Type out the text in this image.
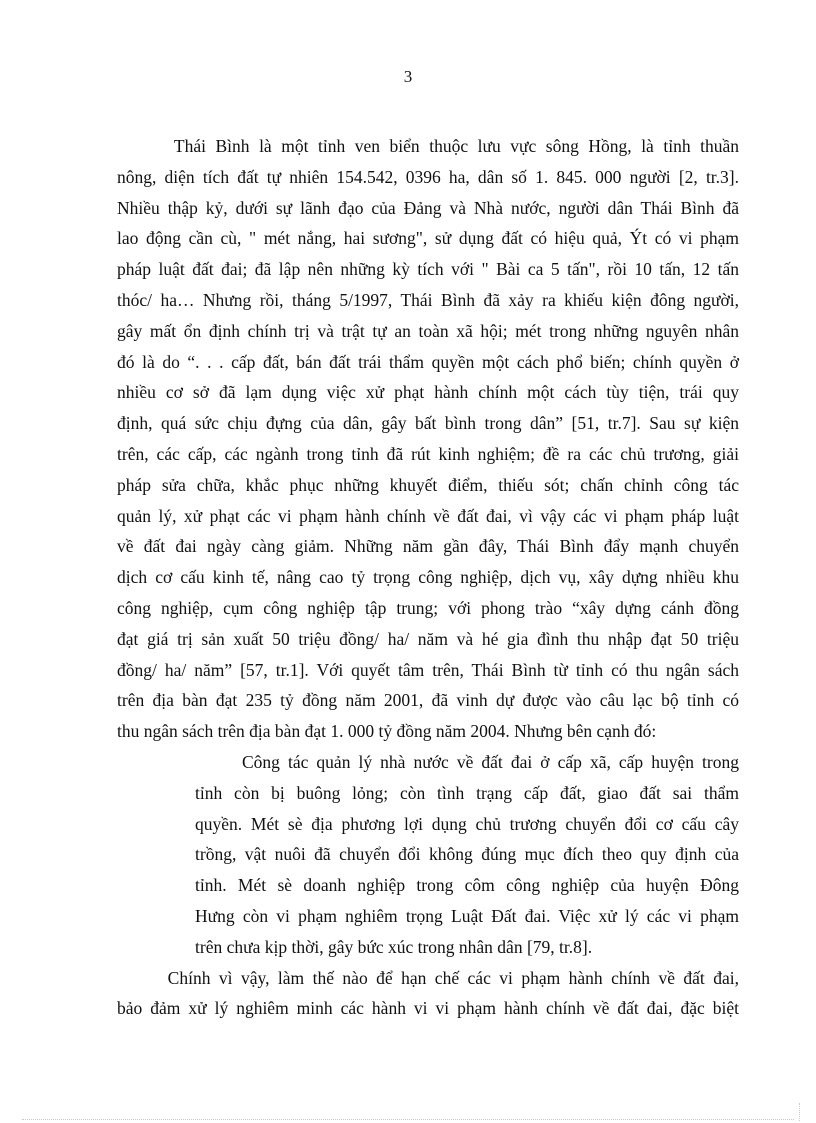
3
Thái Bình là một tỉnh ven biển thuộc lưu vực sông Hồng, là tỉnh thuần
nông, diện tích đất tự nhiên 154.542, 0396 ha, dân số 1. 845. 000 người [2, tr.3].
Nhiều thập kỷ, dưới sự lãnh đạo của Đảng và Nhà nước, người dân Thái Bình đã
lao động cần cù, " mét nắng, hai sương", sử dụng đất có hiệu quả, Ýt có vi phạm
pháp luật đất đai; đã lập nên những kỳ tích với " Bài ca 5 tấn", rồi 10 tấn, 12 tấn
thóc/ ha… Nhưng rồi, tháng 5/1997, Thái Bình đã xảy ra khiếu kiện đông người,
gây mất ổn định chính trị và trật tự an toàn xã hội; mét trong những nguyên nhân
đó là do “. . . cấp đất, bán đất trái thẩm quyền một cách phổ biến; chính quyền ở
nhiều cơ sở đã lạm dụng việc xử phạt hành chính một cách tùy tiện, trái quy
định, quá sức chịu đựng của dân, gây bất bình trong dân” [51, tr.7]. Sau sự kiện
trên, các cấp, các ngành trong tỉnh đã rút kinh nghiệm; đề ra các chủ trương, giải
pháp sửa chữa, khắc phục những khuyết điểm, thiếu sót; chấn chỉnh công tác
quản lý, xử phạt các vi phạm hành chính về đất đai, vì vậy các vi phạm pháp luật
về đất đai ngày càng giảm. Những năm gần đây, Thái Bình đẩy mạnh chuyển
dịch cơ cấu kinh tế, nâng cao tỷ trọng công nghiệp, dịch vụ, xây dựng nhiều khu
công nghiệp, cụm công nghiệp tập trung; với phong trào “xây dựng cánh đồng
đạt giá trị sản xuất 50 triệu đồng/ ha/ năm và hé gia đình thu nhập đạt 50 triệu
đồng/ ha/ năm” [57, tr.1]. Với quyết tâm trên, Thái Bình từ tỉnh có thu ngân sách
trên địa bàn đạt 235 tỷ đồng năm 2001, đã vinh dự được vào câu lạc bộ tỉnh có
thu ngân sách trên địa bàn đạt 1. 000 tỷ đồng năm 2004. Nhưng bên cạnh đó:
Công tác quản lý nhà nước về đất đai ở cấp xã, cấp huyện trong
tỉnh còn bị buông lỏng; còn tình trạng cấp đất, giao đất sai thẩm
quyền. Mét sè địa phương lợi dụng chủ trương chuyển đổi cơ cấu cây
trồng, vật nuôi đã chuyển đổi không đúng mục đích theo quy định của
tỉnh. Mét sè doanh nghiệp trong côm công nghiệp của huyện Đông
Hưng còn vi phạm nghiêm trọng Luật Đất đai. Việc xử lý các vi phạm
trên chưa kịp thời, gây bức xúc trong nhân dân [79, tr.8].
Chính vì vậy, làm thế nào để hạn chế các vi phạm hành chính về đất đai,
bảo đảm xử lý nghiêm minh các hành vi vi phạm hành chính về đất đai, đặc biệt
